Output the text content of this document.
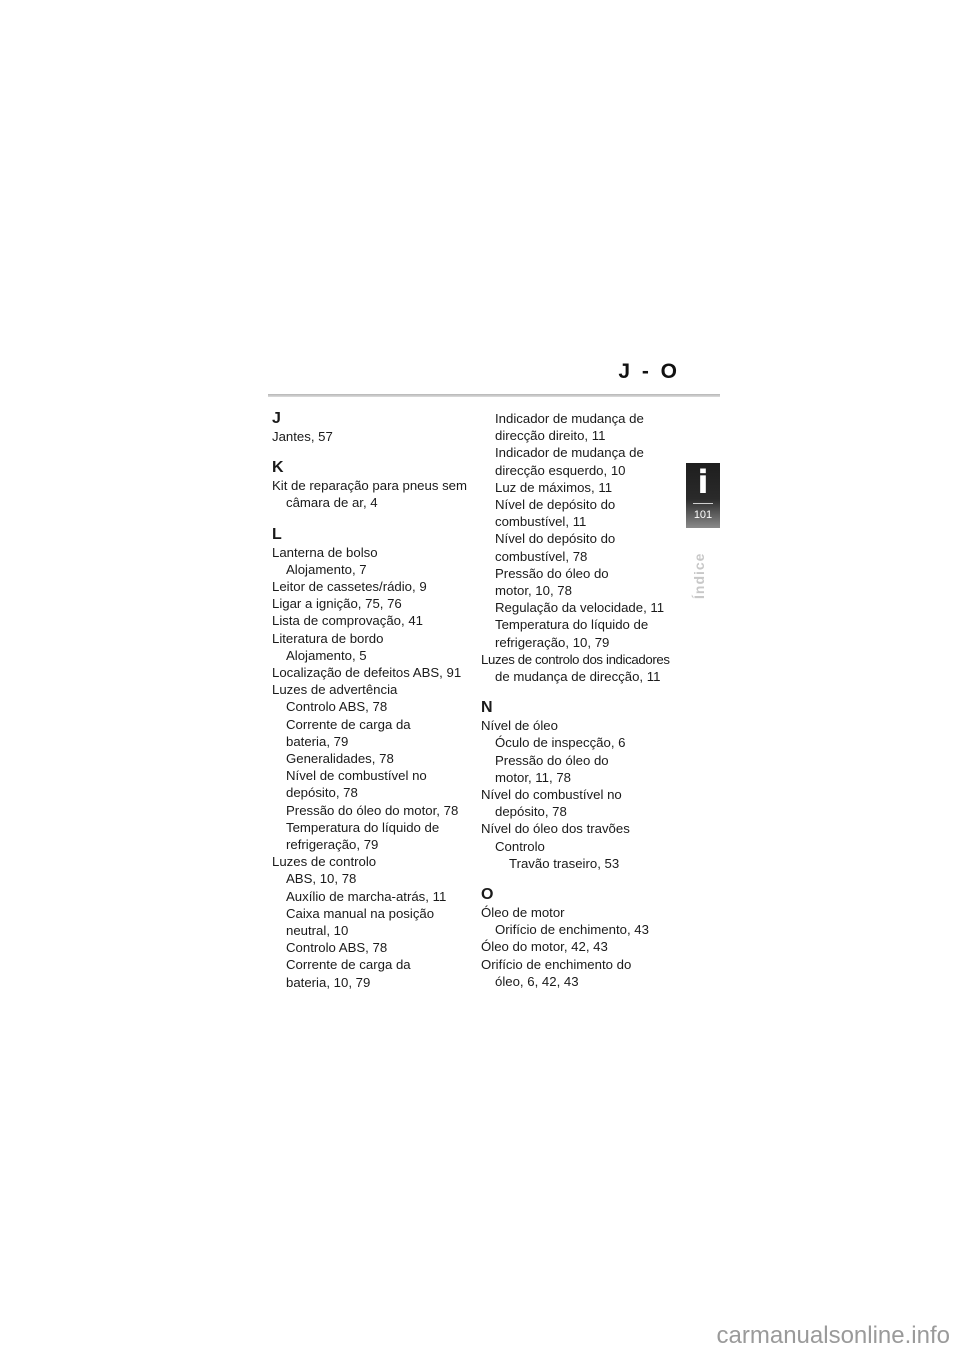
J - O
J
Jantes, 57
K
Kit de reparação para pneus sem
câmara de ar, 4
L
Lanterna de bolso
Alojamento, 7
Leitor de cassetes/rádio, 9
Ligar a ignição, 75, 76
Lista de comprovação, 41
Literatura de bordo
Alojamento, 5
Localização de defeitos ABS, 91
Luzes de advertência
Controlo ABS, 78
Corrente de carga da
bateria, 79
Generalidades, 78
Nível de combustível no
depósito, 78
Pressão do óleo do motor, 78
Temperatura do líquido de
refrigeração, 79
Luzes de controlo
ABS, 10, 78
Auxílio de marcha-atrás, 11
Caixa manual na posição
neutral, 10
Controlo ABS, 78
Corrente de carga da
bateria, 10, 79
Indicador de mudança de
direcção direito, 11
Indicador de mudança de
direcção esquerdo, 10
Luz de máximos, 11
Nível de depósito do
combustível, 11
Nível do depósito do
combustível, 78
Pressão do óleo do
motor, 10, 78
Regulação da velocidade, 11
Temperatura do líquido de
refrigeração, 10, 79
Luzes de controlo dos indicadores
de mudança de direcção, 11
N
Nível de óleo
Óculo de inspecção, 6
Pressão do óleo do
motor, 11, 78
Nível do combustível no
depósito, 78
Nível do óleo dos travões
Controlo
Travão traseiro, 53
O
Óleo de motor
Orifício de enchimento, 43
Óleo do motor, 42, 43
Orifício de enchimento do
óleo, 6, 42, 43
i
101
Índice
carmanualsonline.info
